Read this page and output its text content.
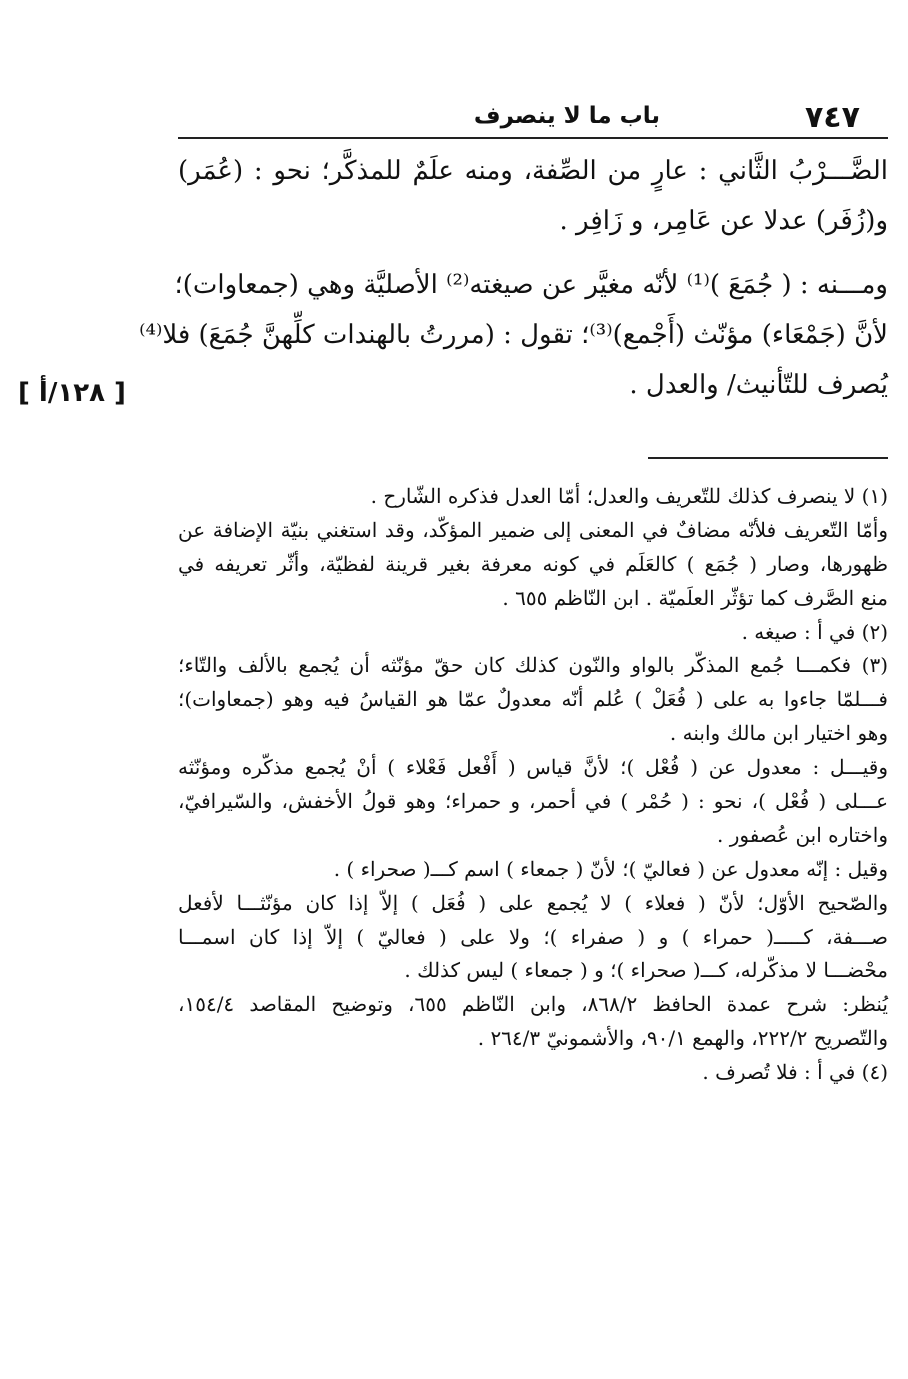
٧٤٧
باب ما لا ينصرف
[ ١٢٨/أ ]
الضَّـــرْبُ الثَّاني : عارٍ من الصِّفة، ومنه علَمٌ للمذكَّر؛ نحو : (عُمَر)
و(زُفَر) عدلا عن عَامِر، و زَافِر .
ومـــنه : ( جُمَعَ )⁽¹⁾ لأنّه مغيَّر عن صيغته⁽²⁾ الأصليَّة وهي (جمعاوات)؛
لأنَّ (جَمْعَاء) مؤنّث (أَجْمع)⁽³⁾؛ تقول : (مررتُ بالهندات كلِّهنَّ جُمَعَ) فلا⁽⁴⁾
يُصرف للتّأنيث/ والعدل .
(١) لا ينصرف كذلك للتّعريف والعدل؛ أمّا العدل فذكره الشّارح .
وأمّا التّعريف فلأنّه مضافٌ في المعنى إلى ضمير المؤكّد، وقد استغني بنيّة الإضافة عن
ظهورها، وصار ( جُمَع ) كالعَلَم في كونه معرفة بغير قرينة لفظيّة، وأثّر تعريفه في
منع الصَّرف كما تؤثّر العلَميّة . ابن النّاظم ٦٥٥ .
(٢) في أ : صيغه .
(٣) فكمـــا جُمع المذكّر بالواو والنّون كذلك كان حقّ مؤنّثه أن يُجمع بالألف والتّاء؛
فـــلمّا جاءوا به على ( فُعَلْ ) عُلم أنّه معدولٌ عمّا هو القياسُ فيه وهو (جمعاوات)؛
وهو اختيار ابن مالك وابنه .
وقيـــل : معدول عن ( فُعْل )؛ لأنَّ قياس ( أَفْعل فَعْلاء ) أنْ يُجمع مذكّره ومؤنّثه
عـــلى ( فُعْل )، نحو : ( حُمْر ) في أحمر، و حمراء؛ وهو قولُ الأخفش، والسّيرافيّ،
واختاره ابن عُصفور .
وقيل : إنّه معدول عن ( فعاليّ )؛ لأنّ ( جمعاء ) اسم كـــ( صحراء ) .
والصّحيح الأوّل؛ لأنّ ( فعلاء ) لا يُجمع على ( فُعَل ) إلاّ إذا كان مؤنّثـــا لأفعل
صـــفة، كـــــ( حمراء ) و ( صفراء )؛ ولا على ( فعاليّ ) إلاّ إذا كان اسمـــا
محْضـــا لا مذكّرله، كـــ( صحراء )؛ و ( جمعاء ) ليس كذلك .
يُنظر: شرح عمدة الحافظ ٨٦٨/٢، وابن النّاظم ٦٥٥، وتوضيح المقاصد ١٥٤/٤،
والتّصريح ٢٢٢/٢، والهمع ٩٠/١، والأشمونيّ ٢٦٤/٣ .
(٤) في أ : فلا تُصرف .
